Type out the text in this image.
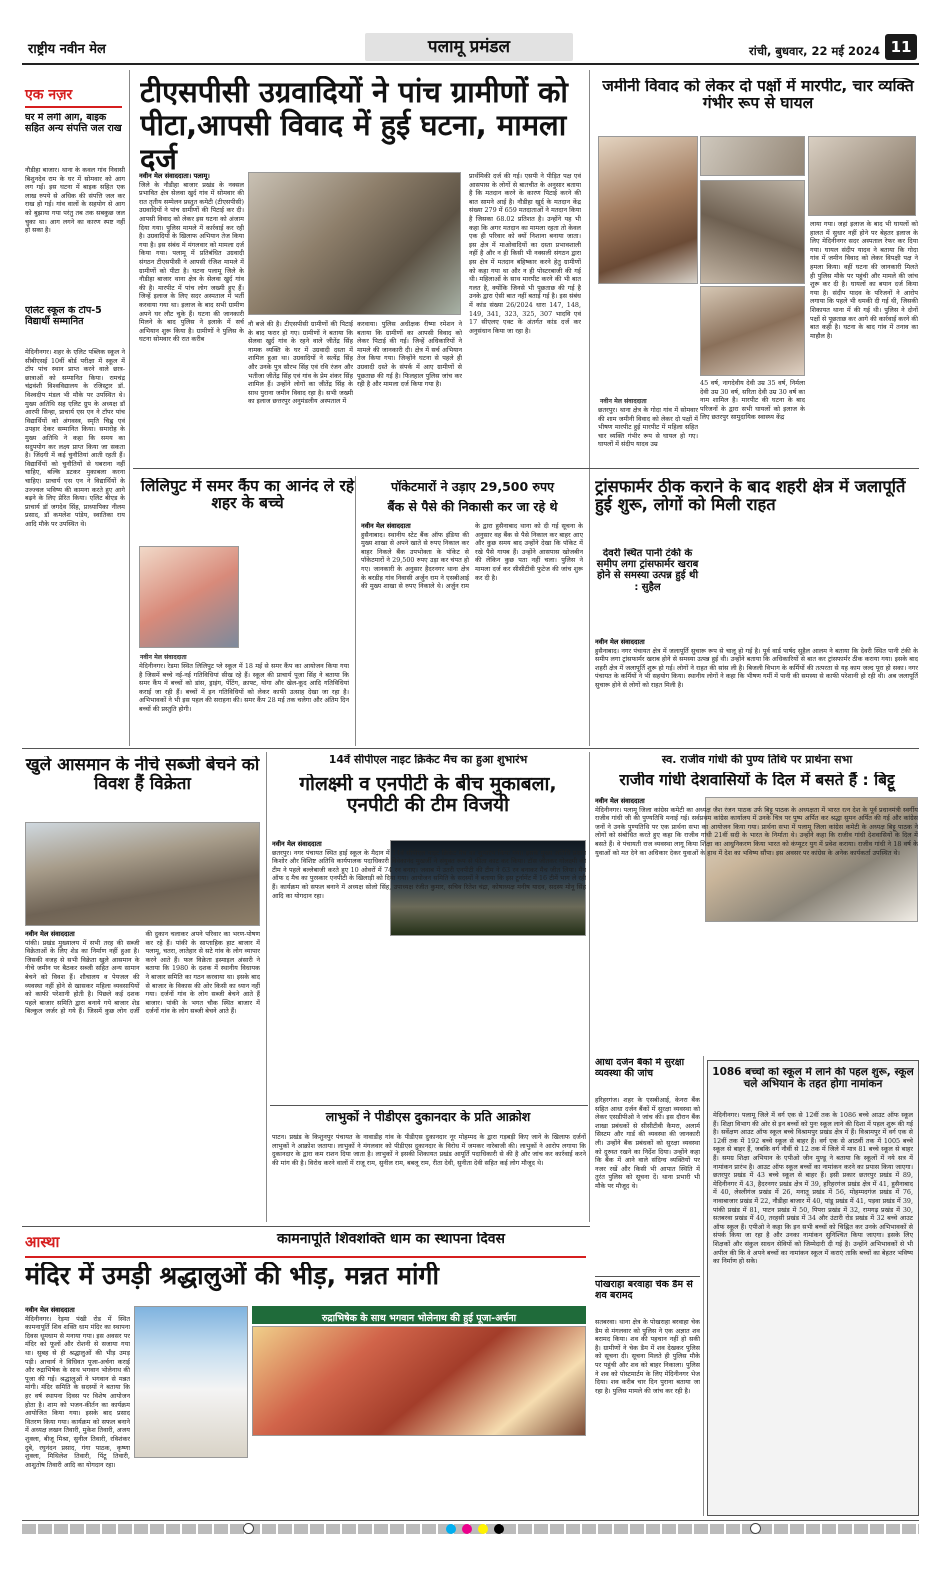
राष्ट्रीय नवीन मेल	पलामू प्रमंडल	रांची, बुधवार, 22 मई 2024 11
एक नज़र
घर में लगी आग, बाइक सहित अन्य संपत्ति जल राख
नौडीहा बाजार। थाना के कवल गांव निवासी बिशुनदेव राम के घर में सोमवार को आग लग गई। इस घटना में बाइक सहित एक लाख रुपये से अधिक की संपत्ति जल कर राख हो गई। गांव वालों के सहयोग से आग को बुझाया गया परंतु तब तक सबकुछ जल चुका था। आग लगने का कारण स्पष्ट नहीं हो सका है।
एलिट स्कूल के टॉप-5 विद्यार्थी सम्मानित
मेदिनीनगर। शहर के एलिट पब्लिक स्कूल ने सीबीएसई 10वीं बोर्ड परीक्षा में स्कूल में टॉप पांच स्थान प्राप्त करने वाले छात्र-छात्राओं को सम्मानित किया। रामचंद्र चंद्रवंशी विश्वविद्यालय के रजिस्ट्रार डॉ. विश्वदीप मंडल भी मौके पर उपस्थित थे। मुख्य अतिथि सह एलिट ग्रुप के अध्यक्ष डॉ आरपी सिन्हा, प्राचार्य एस एन ने टॉपर पांच विद्यार्थियों को अंगवस्त्र, स्मृति चिह्न एवं उपहार देकर सम्मानित किया। समारोह के मुख्य अतिथि ने कहा कि समय का सदुपयोग कर लक्ष्य प्राप्त किया जा सकता है। जिंदगी में कई चुनौतियां आती रहती हैं। विद्यार्थियों को चुनौतियों से घबराना नहीं चाहिए, बल्कि डटकर मुकाबला करना चाहिए। प्राचार्य एस एन ने विद्यार्थियों के उज्ज्वल भविष्य की कामना करते हुए आगे बढ़ने के लिए प्रेरित किया। एलिट बीएड के प्राचार्य डॉ जगदेव सिंह, प्राध्यापिका नीलम प्रसाद, डॉ कमलेश पांडेय, स्वातिका राय आदि मौके पर उपस्थित थे।
टीएसपीसी उग्रवादियों ने पांच ग्रामीणों को पीटा,आपसी विवाद में हुई घटना, मामला दर्ज
नवीन मेल संवाददाता। पलामू।
जिले के नौडीहा बाजार प्रखंड के नक्सल प्रभावित क्षेत्र सेलवा खुर्द गांव में सोमवार की रात तृतीय सम्मेलन प्रस्तुत कमेटी (टीएसपीसी) उग्रवादियों ने पांच ग्रामीणों की पिटाई कर दी। आपसी विवाद को लेकर इस घटना को अंजाम दिया गया। पुलिस मामले में कार्रवाई कर रही है। उग्रवादियों के खिलाफ अभियान तेज किया गया है। इस संबंध में मंगलवार को मामला दर्ज किया गया। पलामू में प्रतिबंधित उग्रवादी संगठन टीएसपीसी ने आपसी रंजिश मामले में ग्रामीणों को पीटा है। घटना पलामू जिले के नौडीहा बाजार थाना क्षेत्र के सेलवा खुर्द गांव की है। मारपीट में पांच लोग जख्मी हुए हैं। जिन्हें इलाज के लिए सदर अस्पताल में भर्ती करवाया गया था। इलाज के बाद सभी ग्रामीण अपने घर लौट चुके हैं। घटना की जानकारी मिलने के बाद पुलिस ने इलाके में सर्च अभियान शुरू किया है। ग्रामीणों ने पुलिस के घटना सोमवार की रात करीब
नौ बजे की है। टीएसपीसी ग्रामीणों की पिटाई के बाद फरार हो गए। ग्रामीणों ने बताया कि सेलवा खुर्द गांव के रहने वाले जीतेंद्र सिंह नामक व्यक्ति के घर में उग्रवादी दस्ता में शामिल हुआ था। उग्रवादियों ने सत्येंद्र सिंह और उनके पुत्र सौरभ सिंह एवं रवि रंजन और भतीजा जीतेंद्र सिंह एवं गांव के प्रेम शंकर सिंह शामिल हैं। उन्होंने लोगों का जीतेंद्र सिंह के साथ पुराना जमीन विवाद रहा है। सभी जख्मी का इलाज छत्तरपुर अनुमंडलीय अस्पताल में
करवाया। पुलिस अधीक्षक रीष्मा रमेशन ने बताया कि ग्रामीणों का आपसी विवाद को लेकर पिटाई की गई। जिन्हें अधिकारियों ने मामले की जानकारी दी। क्षेत्र में सर्च अभियान तेज किया गया। जिन्होंने घटना से पहले ही उग्रवादी दस्ते के संपर्क में आए ग्रामीणों से पूछताछ की गई है। फिलहाल पुलिस जांच कर रही है और मामला दर्ज किया गया है।
प्रार्थमिकी दर्ज की गई। एसपी ने पीड़ित पक्ष एवं आसपास के लोगों से बातचीत के अनुसार बताया है कि मतदान करने के कारण पिटाई करने की बात सामने आई है। नौडीहा खुर्द के मतदान केंद्र संख्या 279 में 659 मतदाताओं ने मतदान किया है जिसका 68.02 प्रतिशत है। उन्होंने यह भी कहा कि अगर मतदान का मामला रहता तो केवल एक ही परिवार को क्यों निशाना बनाया जाता। इस क्षेत्र में माओवादियों का दस्ता प्रभावशाली नहीं है और न ही किसी भी नक्सली संगठन द्वारा इस क्षेत्र में मतदान बहिष्कार करने हेतु ग्रामीणों को कहा गया था और न ही पोस्टरबाजी की गई थी। महिलाओं के साथ मारपीट करने की भी बात गलत है, क्योंकि जिनसे भी पूछताछ की गई है उनके द्वारा ऐसी बात नहीं बताई गई है। इस संबंध में कांड संख्या 26/2024 धारा 147, 148, 149, 341, 323, 325, 307 भादवि एवं 17 सीएलए एक्ट के अंतर्गत कांड दर्ज कर अनुसंधान किया जा रहा है।
जमीनी विवाद को लेकर दो पक्षों में मारपीट, चार व्यक्ति गंभीर रूप से घायल
नवीन मेल संवाददाता
छतरपुर। थाना क्षेत्र के गोदा गांव में सोमवार की शाम जमीनी विवाद को लेकर दो पक्षों में भीषण मारपीट हुई मारपीट में महिला सहित चार व्यक्ति गंभीर रूप से घायल हो गए। घायलों में संदीप यादव उम्र
45 वर्ष, नागदेवीय देवी उम्र 35 वर्ष, निर्मला देवी उम्र 30 वर्ष, सरिता देवी उम्र 30 वर्ष का नाम शामिल है। मारपीट की घटना के बाद परिजनों के द्वारा सभी घायलों को इलाज के लिए छतरपुर सामुदायिक स्वास्थ्य केंद्र
लाया गया। जहां इलाज के बाद भी घायलों को हालत में सुधार नहीं होने पर बेहतर इलाज के लिए मेदिनीनगर सदर अस्पताल रेफर कर दिया गया। घायल संदीप यादव ने बताया कि गोदा गांव में जमीन विवाद को लेकर विपक्षी पक्ष ने हमला किया। वहीं घटना की जानकारी मिलते ही पुलिस मौके पर पहुंची और मामले की जांच शुरू कर दी है। घायलों का बयान दर्ज किया गया है। संदीप यादव के परिजनों ने आरोप लगाया कि पहले भी धमकी दी गई थी, जिसकी शिकायत थाना में की गई थी। पुलिस ने दोनों पक्षों से पूछताछ कर आगे की कार्रवाई करने की बात कही है। घटना के बाद गांव में तनाव का माहौल है।
लिलिपुट में समर कैंप का आनंद ले रहे शहर के बच्चे
नवीन मेल संवाददाता
मेदिनीनगर। रेडमा स्थित लिलिपुट प्ले स्कूल में 18 मई से समर कैंप का आयोजन किया गया है जिसमें बच्चे नई-नई गतिविधियां सीख रहे हैं। स्कूल की प्राचार्य पूजा सिंह ने बताया कि समर कैंप में बच्चों को डांस, ड्राइंग, पेंटिंग, क्राफ्ट, योगा और खेल-कूद आदि गतिविधियां कराई जा रही हैं। बच्चों में इन गतिविधियों को लेकर काफी उत्साह देखा जा रहा है। अभिभावकों ने भी इस पहल की सराहना की। समर कैंप 28 मई तक चलेगा और अंतिम दिन बच्चों की प्रस्तुति होगी।
पॉकेटमारों ने उड़ाए 29,500 रुपए
बैंक से पैसे की निकासी कर जा रहे थे
नवीन मेल संवाददाता
हुसैनाबाद। स्थानीय स्टेट बैंक ऑफ इंडिया की मुख्य शाखा से अपने खाते से रुपए निकाल कर बाहर निकले बैंक उपभोक्ता के पॉकेट से पॉकेटमारों ने 29,500 रुपए उड़ा कर चंपत हो गए। जानकारी के अनुसार हैदरनगर थाना क्षेत्र के बरडीह गांव निवासी अर्जुन राम ने एसबीआई की मुख्य शाखा से रुपए निकाले थे। अर्जुन राम के द्वारा हुसैनाबाद थाना को दी गई सूचना के अनुसार वह बैंक से पैसे निकाल कर बाहर आए और कुछ समय बाद उन्होंने देखा कि पॉकेट में रखे पैसे गायब हैं। उन्होंने आसपास खोजबीन की लेकिन कुछ पता नहीं चला। पुलिस ने मामला दर्ज कर सीसीटीवी फुटेज की जांच शुरू कर दी है।
ट्रांसफार्मर ठीक कराने के बाद शहरी क्षेत्र में जलापूर्ति हुई शुरू, लोगों को मिली राहत
देवरी स्थित पानी टंकी के समीप लगा ट्रांसफार्मर खराब होने से समस्या उत्पन्न हुई थी : सुहैल
नवीन मेल संवाददाता
हुसैनाबाद। नगर पंचायत क्षेत्र में जलापूर्ति सुचारू रूप से चालू हो गई है। पूर्व वार्ड पार्षद सुहैल आलम ने बताया कि देवरी स्थित पानी टंकी के समीप लगा ट्रांसफार्मर खराब होने से समस्या उत्पन्न हुई थी। उन्होंने बताया कि अधिकारियों से बात कर ट्रांसफार्मर ठीक कराया गया। इसके बाद शहरी क्षेत्र में जलापूर्ति शुरू हो गई। लोगों ने राहत की सांस ली है। बिजली विभाग के कर्मियों की तत्परता से यह काम जल्द पूरा हो सका। नगर पंचायत के कर्मियों ने भी सहयोग किया। स्थानीय लोगों ने कहा कि भीषण गर्मी में पानी की समस्या से काफी परेशानी हो रही थी। अब जलापूर्ति सुचारू होने से लोगों को राहत मिली है।
खुले आसमान के नीचे सब्जी बेचने को विवश हैं विक्रेता
नवीन मेल संवाददाता
पांकी। प्रखंड मुख्यालय में सभी तरह की सब्जी विक्रेताओं के लिए शेड का निर्माण नहीं हुआ है। जिसकी वजह से सभी विक्रेता खुले आसमान के नीचे जमीन पर बैठकर सब्जी सहित अन्य सामान बेचने को विवश हैं। शौचालय व पेयजल की व्यवस्था नहीं होने से खासकर महिला व्यवसायियों को काफी परेशानी होती है। पिछले कई दशक पहले बाजार समिति द्वारा बनाये गये बाजार शेड बिल्कुल जर्जर हो गये हैं। जिसमें कुछ लोग दर्जी की दुकान चलाकर अपने परिवार का भरण-पोषण कर रहे हैं। पांकी के साप्ताहिक हाट बाजार में पलामू, चतरा, लातेहार से सटे गांव के लोग व्यापार करने आते हैं। फल विक्रेता इस्माइल अंसारी ने बताया कि 1980 के दशक में स्थानीय विधायक ने बाजार समिति का गठन करवाया था। इसके बाद से बाजार के विकास की ओर किसी का ध्यान नहीं गया। दर्जनों गांव के लोग सब्जी बेचने आते हैं बाजार। पांकी के भगत चौक स्थित बाजार में दर्जनों गांव के लोग सब्जी बेचने आते हैं।
14वें सीपीएल नाइट क्रिकेट मैच का हुआ शुभारंभ
गोलक्ष्मी व एनपीटी के बीच मुकाबला, एनपीटी की टीम विजयी
नवीन मेल संवाददाता
छतरपुर। नगर पंचायत स्थित हाई स्कूल के मैदान में 14वें सीपीएल नाइट क्रिकेट मैच का शुभारंभ किया गया। इसके मुख्य अतिथि प्रशांत किशोर और विशिष्ट अतिथि कार्यपालक पदाधिकारी विवेकानंद मुखर्जी ने संयुक्त रूप से फीता काट कर किया। टॉस जीतकर गोलक्ष्मी की टीम ने पहले बल्लेबाजी करते हुए 10 ओवरों में 74 रन बनाए। जवाब में उतरी एनपीटी की टीम ने 63 रन बनाकर मैच जीत लिया। मैन ऑफ द मैच का पुरस्कार एनपीटी के खिलाड़ी को दिया गया। आयोजन समिति के सदस्यों ने बताया कि इस टूर्नामेंट में 16 टीमें भाग ले रही हैं। कार्यक्रम को सफल बनाने में अध्यक्ष सोलो सिंह, उपाध्यक्ष रंजीत कुमार, सचिव रितेश चंद्रा, कोषाध्यक्ष मनीष यादव, सदस्य मोनू सिंह आदि का योगदान रहा।
लाभुकों ने पीडीएस दुकानदार के प्रति आक्रोश
पाटन। प्रखंड के किशुनपुर पंचायत के नावाडीह गांव के पीडीएस दुकानदार नूर मोहम्मद के द्वारा गड़बड़ी किए जाने के खिलाफ दर्जनों लाभुकों ने आक्रोश जताया। लाभुकों ने मंगलवार को पीडीएस दुकानदार के विरोध में जमकर नारेबाजी की। लाभुकों ने आरोप लगाया कि दुकानदार के द्वारा कम राशन दिया जाता है। लाभुकों ने इसकी शिकायत प्रखंड आपूर्ति पदाधिकारी से की है और जांच कर कार्रवाई करने की मांग की है। विरोध करने वालों में राजू राम, सुनील राम, बबलू राम, रीता देवी, सुनीता देवी सहित कई लोग मौजूद थे।
स्व. राजीव गांधी की पुण्य तिथि पर प्रार्थना सभा
राजीव गांधी देशवासियों के दिल में बसते हैं : बिट्टू
नवीन मेल संवाददाता
मेदिनीनगर। पलामू जिला कांग्रेस कमेटी का अध्यक्ष जैश रंजन पाठक उर्फ बिट्टू पाठक के अध्यक्षता में भारत रत्न देश के पूर्व प्रधानमंत्री स्वर्गीय राजीव गांधी जी की पुण्यतिथि मनाई गई। सर्वप्रथम कांग्रेस कार्यालय में उनके चित्र पर पुष्प अर्पित कर श्रद्धा सुमन अर्पित की गई और कांग्रेस जनों ने उनके पुण्यतिथि पर एक प्रार्थना सभा का आयोजन किया गया। प्रार्थना सभा में पलामू जिला कांग्रेस कमेटी के अध्यक्ष बिट्टू पाठक ने लोगों को संबोधित करते हुए कहा कि राजीव गांधी 21वीं सदी के भारत के निर्माता थे। उन्होंने कहा कि राजीव गांधी देशवासियों के दिल में बसते हैं। वे पंचायती राज व्यवस्था लागू किया शिक्षा का आधुनिकरण किया भारत को कंप्यूटर युग में प्रवेश कराया। राजीव गांधी ने 18 वर्ष के युवाओं को मत देने का अधिकार देकर युवाओं के हाथ में देश का भविष्य सौंपा। इस अवसर पर कांग्रेस के अनेक कार्यकर्ता उपस्थित थे।
आधा दर्जन बैंकों में सुरक्षा व्यवस्था की जांच
हरिहरगंज। शहर के एसबीआई, केनरा बैंक सहित आधा दर्जन बैंकों में सुरक्षा व्यवस्था को लेकर एसडीपीओ ने जांच की। इस दौरान बैंक शाखा प्रबंधकों से सीसीटीवी कैमरा, अलार्म सिस्टम और गार्ड की व्यवस्था की जानकारी ली। उन्होंने बैंक प्रबंधकों को सुरक्षा व्यवस्था को दुरुस्त रखने का निर्देश दिया। उन्होंने कहा कि बैंक में आने वाले संदिग्ध व्यक्तियों पर नजर रखें और किसी भी आपात स्थिति में तुरंत पुलिस को सूचना दें। थाना प्रभारी भी मौके पर मौजूद थे।
पोखराहा बरवाहा चेक डैम से शव बरामद
सतबरवा। थाना क्षेत्र के पोखराहा बरवाहा चेक डैम से मंगलवार को पुलिस ने एक अज्ञात शव बरामद किया। शव की पहचान नहीं हो सकी है। ग्रामीणों ने चेक डैम में शव देखकर पुलिस को सूचना दी। सूचना मिलते ही पुलिस मौके पर पहुंची और शव को बाहर निकाला। पुलिस ने शव को पोस्टमार्टम के लिए मेदिनीनगर भेज दिया। शव करीब चार दिन पुराना बताया जा रहा है। पुलिस मामले की जांच कर रही है।
1086 बच्चों को स्कूल में लाने की पहल शुरू, स्कूल चले अभियान के तहत होगा नामांकन
मेदिनीनगर। पलामू जिले में वर्ग एक से 12वीं तक के 1086 बच्चे आउट ऑफ स्कूल हैं। शिक्षा विभाग की ओर से इन बच्चों को पुनः स्कूल लाने की दिशा में पहल शुरू की गई है। सर्वेक्षण आउट ऑफ स्कूल बच्चे विश्रामपुर प्रखंड क्षेत्र में हैं। विश्रामपुर में वर्ग एक से 12वीं तक में 192 बच्चे स्कूल से बाहर हैं। वर्ग एक से आठवीं तक में 1005 बच्चे स्कूल से बाहर हैं, जबकि वर्ग नौवीं से 12 तक में जिले में मात्र 81 बच्चे स्कूल से बाहर हैं। समग्र शिक्षा अभियान के एपीओ जीन मुण्डू ने बताया कि स्कूलों में नये सत्र में नामांकन प्रारंभ है। आउट ऑफ स्कूल बच्चों का नामांकन करने का प्रयास किया जाएगा। छतरपुर प्रखंड में 43 बच्चे स्कूल से बाहर हैं। इसी प्रकार छतरपुर प्रखंड में 89, मेदिनीनगर में 43, हैदरनगर प्रखंड क्षेत्र में 39, हरिहरगंज प्रखंड क्षेत्र में 41, हुसैनाबाद में 40, लेस्लीगंज प्रखंड में 26, मनातू प्रखंड में 56, मोहम्मदगंज प्रखंड में 76, नावाबाजार प्रखंड में 22, नौडीहा बाजार में 40, पांडू प्रखंड में 41, पड़वा प्रखंड में 39, पांकी प्रखंड में 81, पाटन प्रखंड में 50, पिपरा प्रखंड में 32, रामगढ़ प्रखंड में 30, सतबरवा प्रखंड में 40, तरहसी प्रखंड में 34 और उंटारी रोड प्रखंड में 32 बच्चे आउट ऑफ स्कूल हैं। एपीओ ने कहा कि इन सभी बच्चों को चिह्नित कर उनके अभिभावकों से संपर्क किया जा रहा है और उनका नामांकन सुनिश्चित किया जाएगा। इसके लिए शिक्षकों और संकुल साधन सेवियों को जिम्मेदारी दी गई है। उन्होंने अभिभावकों से भी अपील की कि वे अपने बच्चों का नामांकन स्कूल में कराएं ताकि बच्चों का बेहतर भविष्य का निर्माण हो सके।
आस्था	कामनापूर्ति शिवशक्ति धाम का स्थापना दिवस
मंदिर में उमड़ी श्रद्धालुओं की भीड़, मन्नत मांगी
नवीन मेल संवाददाता
मेदिनीनगर। रेड़मा पंखी रोड में स्थित कामनापूर्ति शिव शक्ति धाम मंदिर का स्थापना दिवस धूमधाम से मनाया गया। इस अवसर पर मंदिर को फूलों और रोशनी से सजाया गया था। सुबह से ही श्रद्धालुओं की भीड़ उमड़ पड़ी। आचार्य ने विधिवत पूजा-अर्चना कराई और रुद्राभिषेक के साथ भगवान भोलेनाथ की पूजा की गई। श्रद्धालुओं ने भगवान से मन्नत मांगी। मंदिर समिति के सदस्यों ने बताया कि हर वर्ष स्थापना दिवस पर विशेष आयोजन होता है। शाम को भजन-कीर्तन का कार्यक्रम आयोजित किया गया। इसके बाद प्रसाद वितरण किया गया। कार्यक्रम को सफल बनाने में अध्यक्ष लखन तिवारी, मुकेश तिवारी, अजय शुक्ला, बीजू मिश्रा, सुनील तिवारी, रविशंकर दुबे, रघुनंदन प्रसाद, गंगा पाठक, कृष्णा शुक्ला, मिथिलेश तिवारी, पिंटू तिवारी, आशुतोष तिवारी आदि का योगदान रहा।
रुद्राभिषेक के साथ भगवान भोलेनाथ की हुई पूजा-अर्चना
